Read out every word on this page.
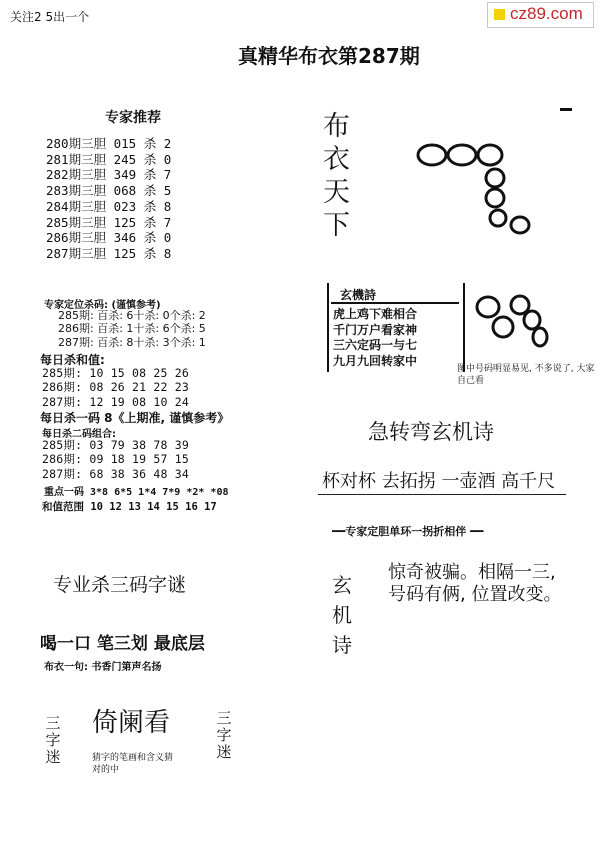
关注2 5出一个	cz89.com
真精华布衣第287期
专家推荐
280期三胆 015 杀 2
281期三胆 245 杀 0
282期三胆 349 杀 7
283期三胆 068 杀 5
284期三胆 023 杀 8
285期三胆 125 杀 7
286期三胆 346 杀 0
287期三胆 125 杀 8
专家定位杀码: (谨慎参考)
285期: 百杀: 6十杀: 0个杀: 2
286期: 百杀: 1十杀: 6个杀: 5
287期: 百杀: 8十杀: 3个杀: 1
每日杀和值:
285期: 10 15 08 25 26
286期: 08 26 21 22 23
287期: 12 19 08 10 24
每日杀一码 8《上期准, 谨慎参考》
每日杀二码组合:
285期: 03 79 38 78 39
286期: 09 18 19 57 15
287期: 68 38 36 48 34
重点一码 3*8 6*5 1*4 7*9 *2* *08
和值范围 10 12 13 14 15 16 17
专业杀三码字谜
喝一口 笔三划 最底层
布衣一句: 书香门第声名扬
三字迷
倚阑看
猜字的笔画和含义猜
对的中
三字迷
布衣天下
玄機詩
虎上鸡下难相合
千门万户看家神
三六定码一与七
九月九回转家中
图中号码明显易见, 不多说了, 大家自己看
急转弯玄机诗
杯对杯 去拓拐 一壶酒 高千尺
━━专家定胆单环一拐折相伴 ━━
玄机诗
惊奇被骗。相隔一三,
号码有俩, 位置改变。
